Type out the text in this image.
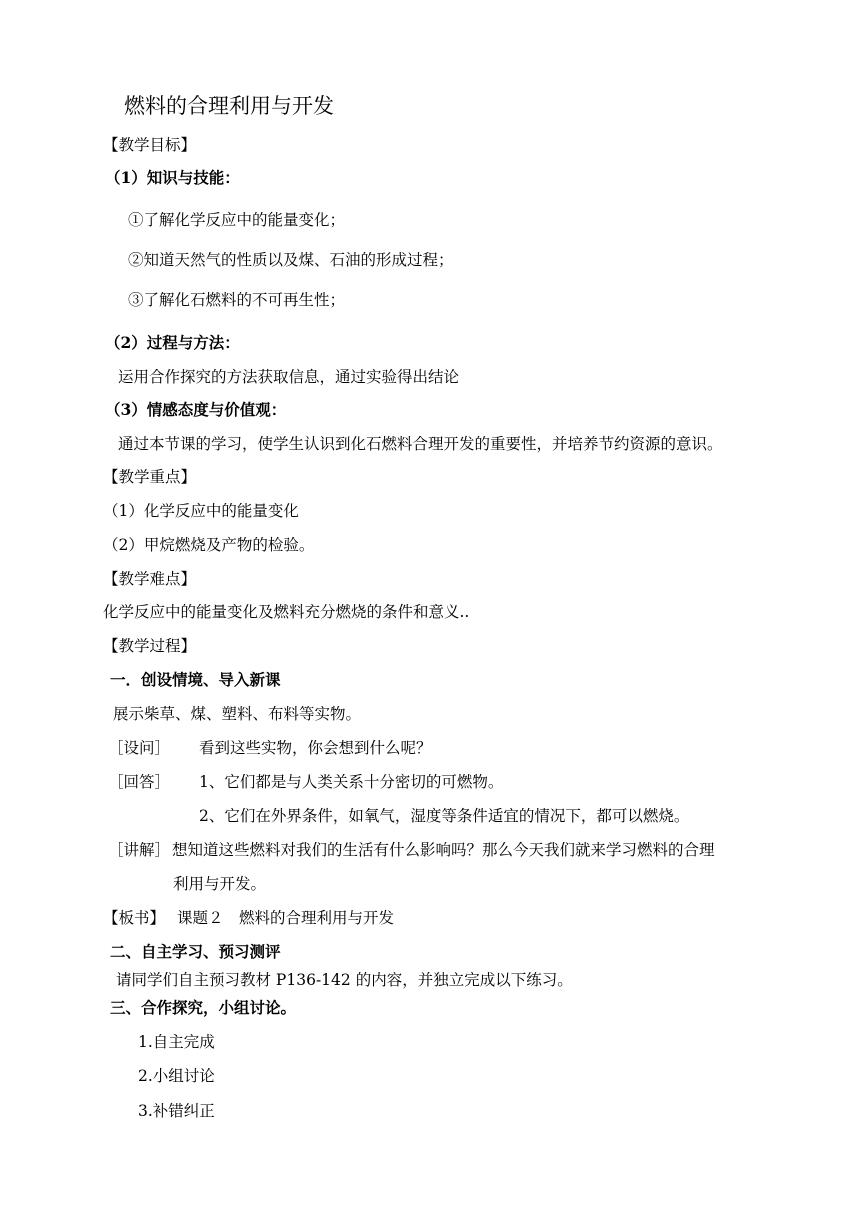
燃料的合理利用与开发
【教学目标】
（1）知识与技能：
①了解化学反应中的能量变化；
②知道天然气的性质以及煤、石油的形成过程；
③了解化石燃料的不可再生性；
（2）过程与方法：
运用合作探究的方法获取信息，通过实验得出结论
（3）情感态度与价值观：
通过本节课的学习，使学生认识到化石燃料合理开发的重要性，并培养节约资源的意识。
【教学重点】
（1）化学反应中的能量变化
（2）甲烷燃烧及产物的检验。
【教学难点】
化学反应中的能量变化及燃料充分燃烧的条件和意义..
【教学过程】
一．创设情境、导入新课
展示柴草、煤、塑料、布料等实物。
［设问］ 看到这些实物，你会想到什么呢？
［回答］ 1、它们都是与人类关系十分密切的可燃物。
2、它们在外界条件，如氧气，湿度等条件适宜的情况下，都可以燃烧。
［讲解］ 想知道这些燃料对我们的生活有什么影响吗？那么今天我们就来学习燃料的合理
利用与开发。
【板书】 课题２　燃料的合理利用与开发
二、自主学习、预习测评
请同学们自主预习教材 P136-142 的内容，并独立完成以下练习。
三、合作探究，小组讨论。
1.自主完成
2.小组讨论
3.补错纠正
